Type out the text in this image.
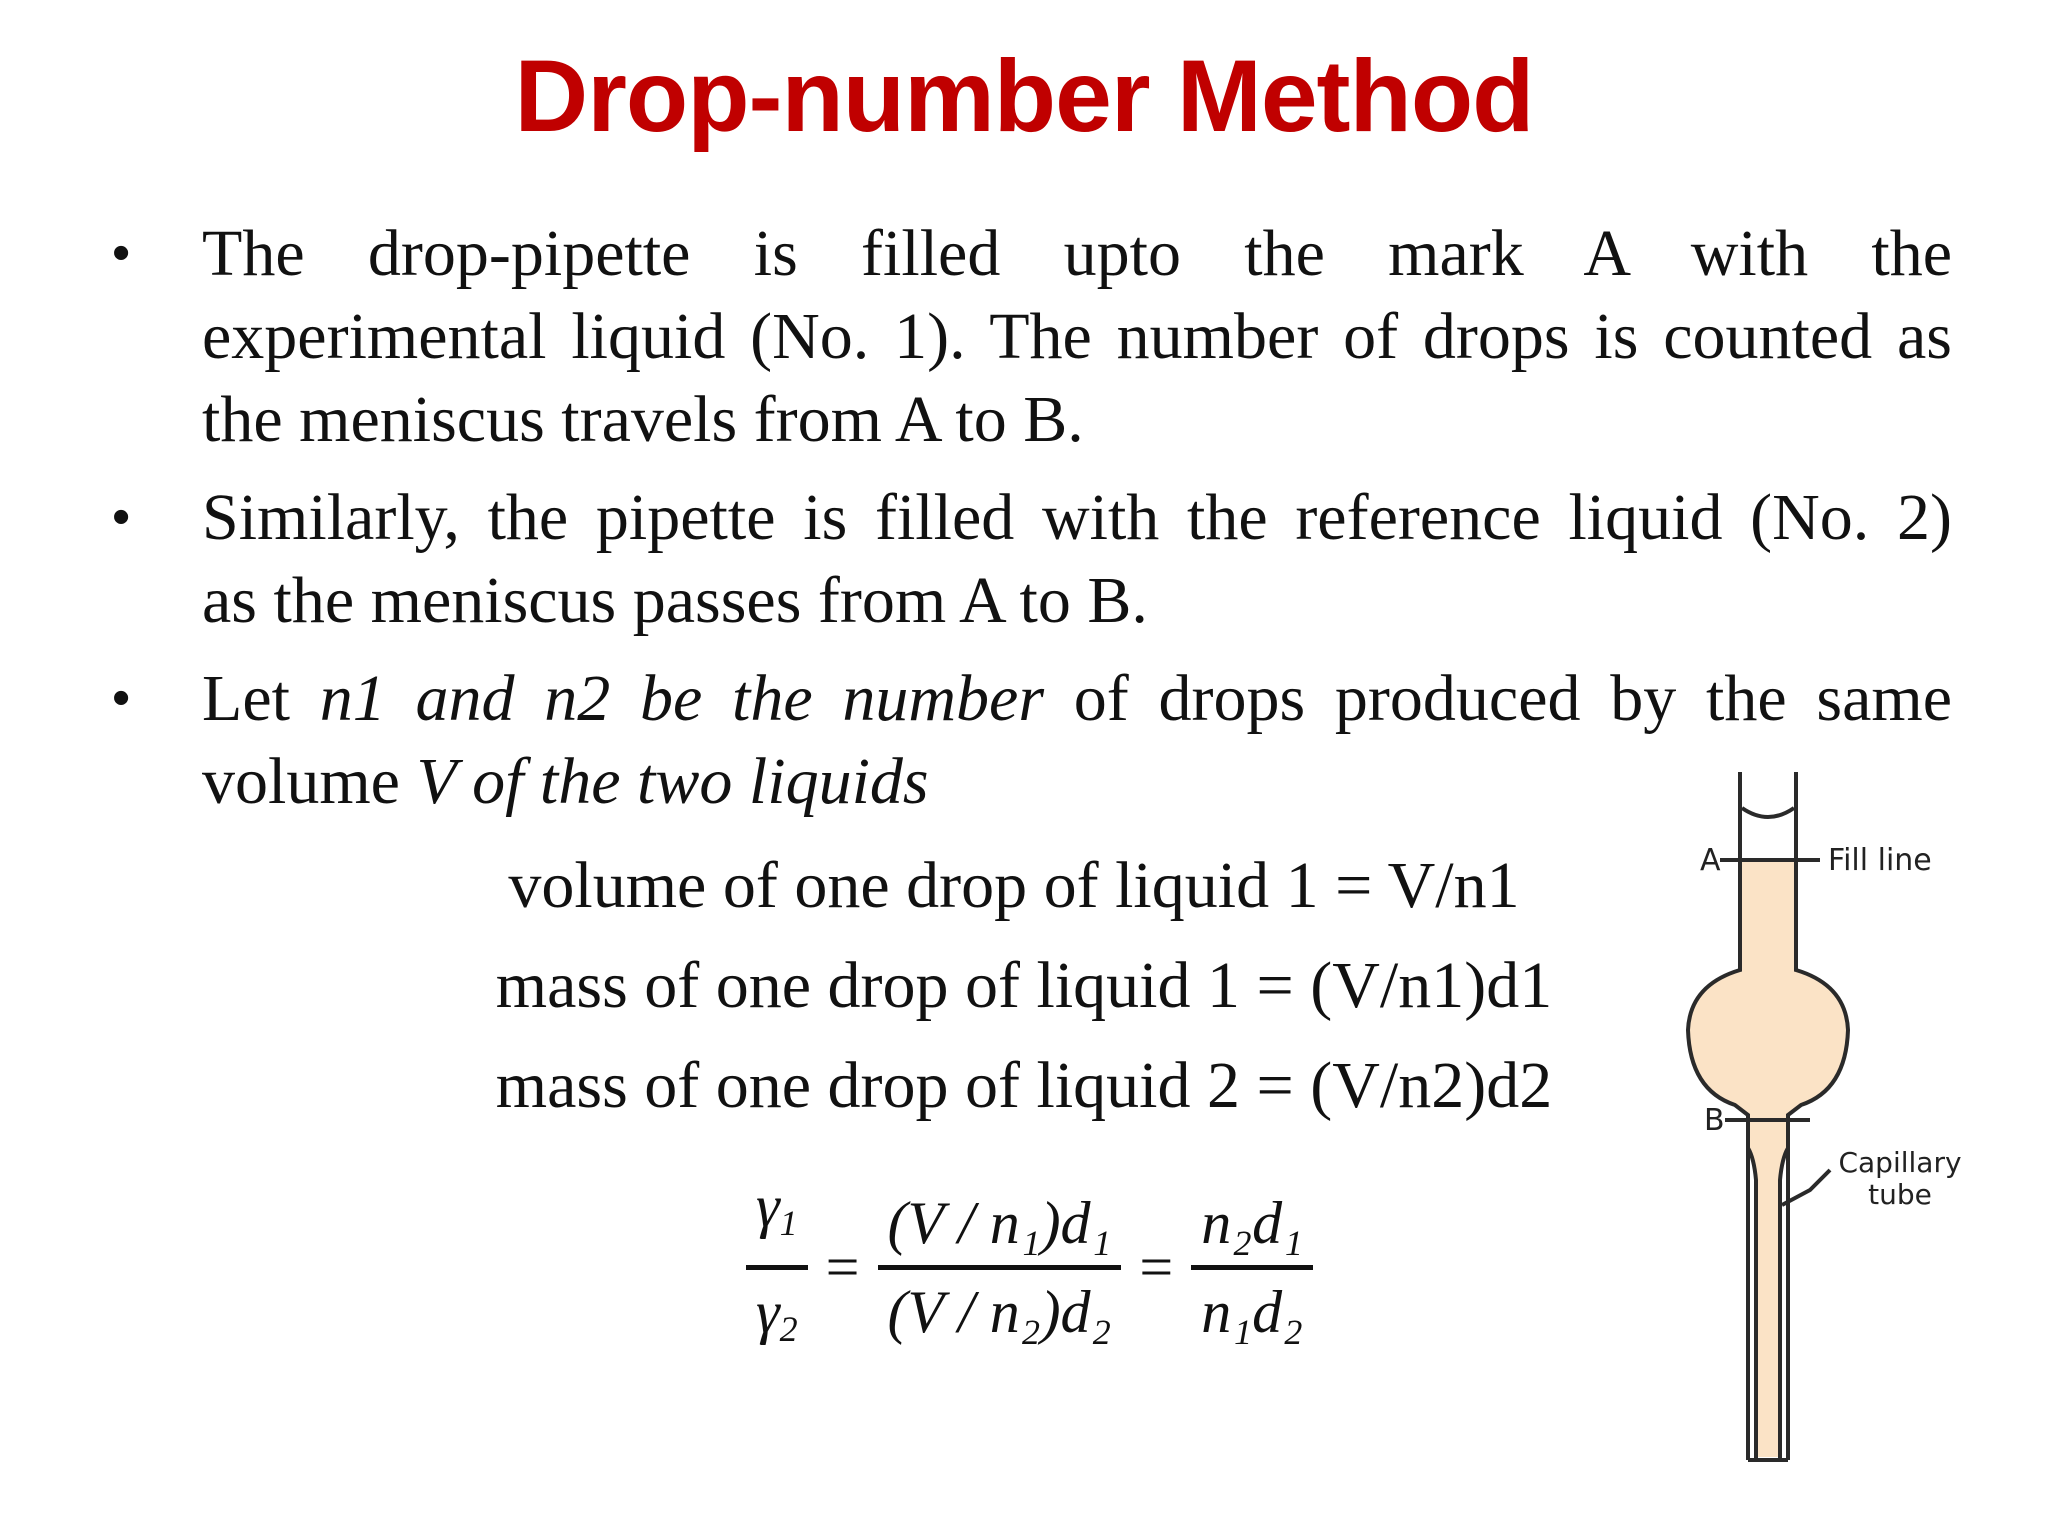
Drop-number Method
• The drop-pipette is filled upto the mark A with the
experimental liquid (No. 1). The number of drops is counted as
the meniscus travels from A to B.
• Similarly, the pipette is filled with the reference liquid (No. 2)
as the meniscus passes from A to B.
• Let n1 and n2 be the number of drops produced by the same
volume V of the two liquids
volume of one drop of liquid 1 = V/n1
mass of one drop of liquid 1 = (V/n1)d1
mass of one drop of liquid 2 = (V/n2)d2
$\gamma_1$
$\gamma_2$
=
(V / n₁)d₁
(V / n₂)d₂
=
n₂d₁
n₁d₂
A	Fill line
B
Capillary
tube
